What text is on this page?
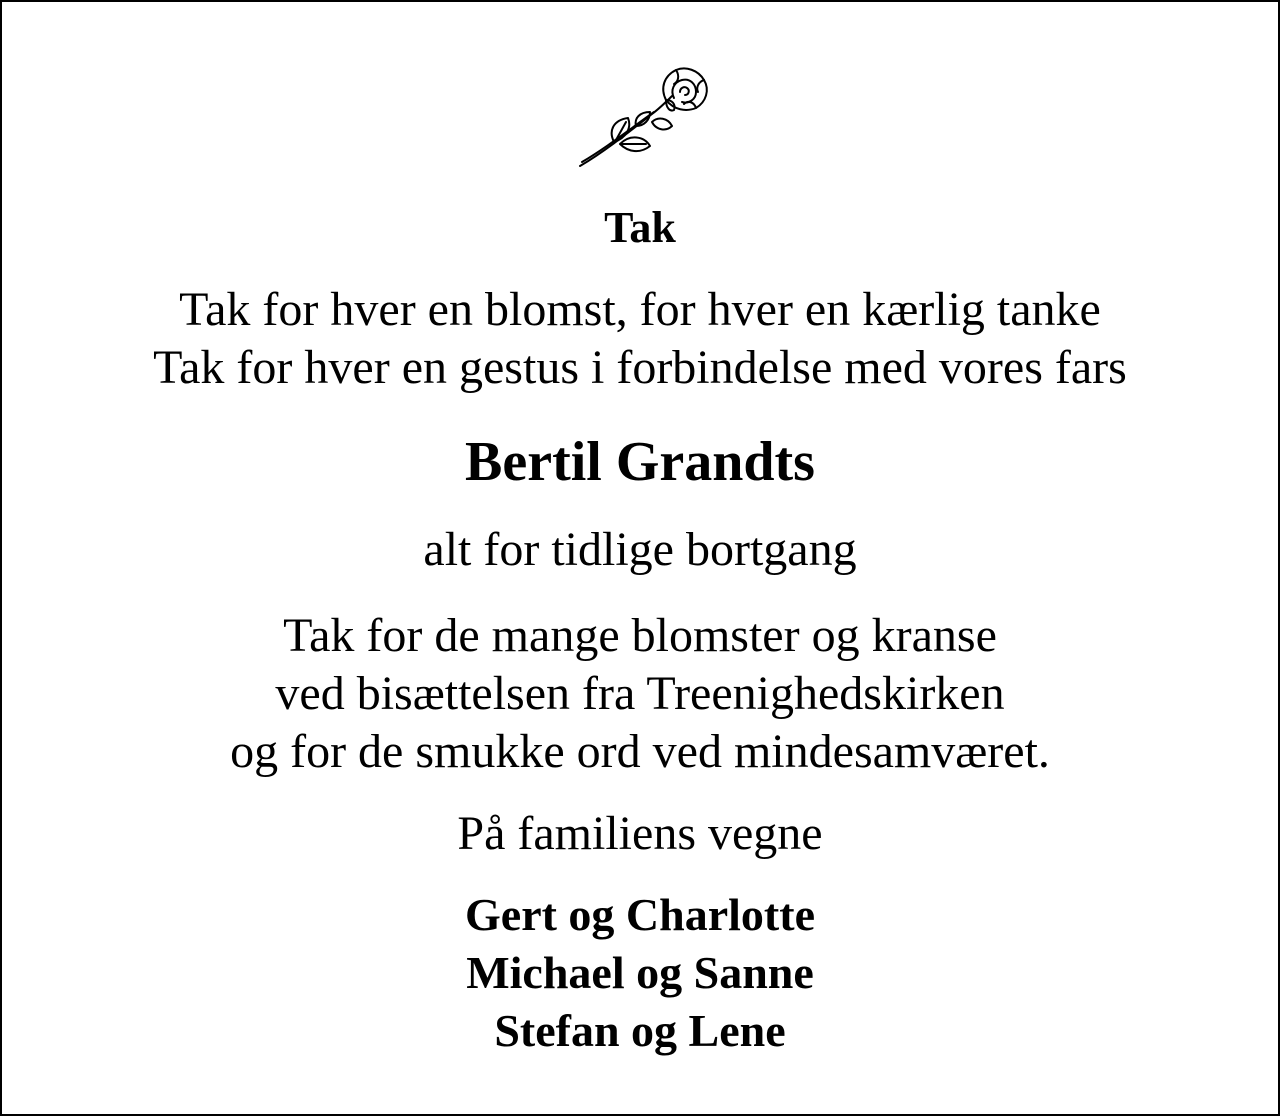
Tak
Tak for hver en blomst, for hver en kærlig tanke
Tak for hver en gestus i forbindelse med vores fars
Bertil Grandts
alt for tidlige bortgang
Tak for de mange blomster og kranse
ved bisættelsen fra Treenighedskirken
og for de smukke ord ved mindesamværet.
På familiens vegne
Gert og Charlotte
Michael og Sanne
Stefan og Lene
